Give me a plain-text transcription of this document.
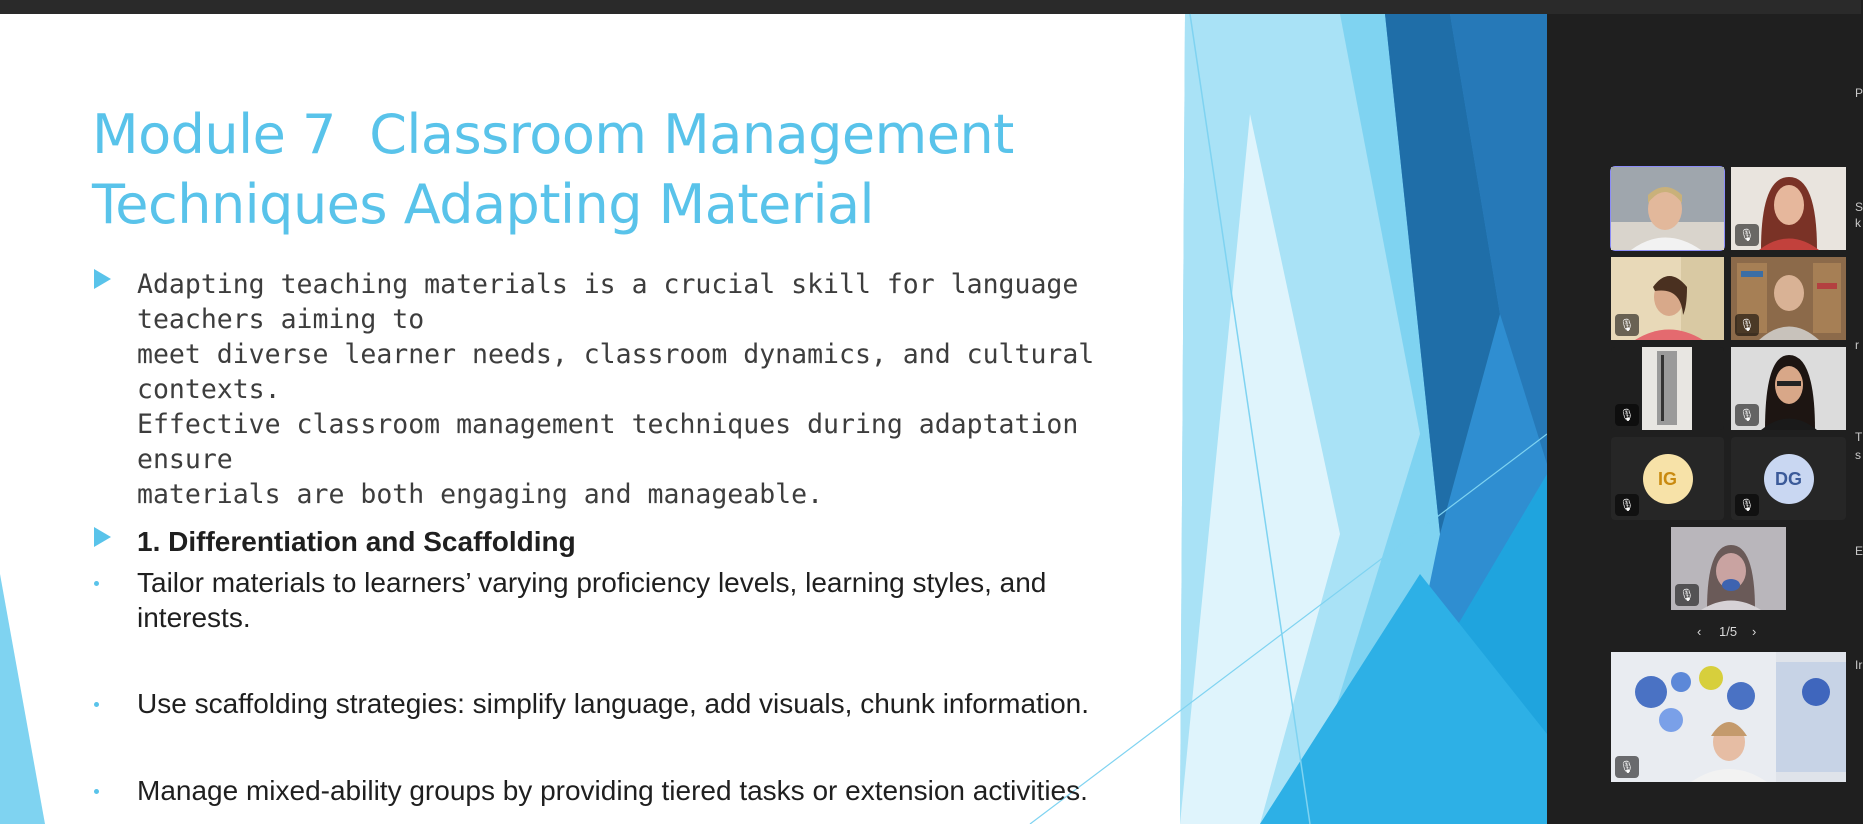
Module 7  Classroom Management
Techniques Adapting Material
Adapting teaching materials is a crucial skill for language teachers aiming to
meet diverse learner needs, classroom dynamics, and cultural contexts.
Effective classroom management techniques during adaptation ensure
materials are both engaging and manageable.
1. Differentiation and Scaffolding
Tailor materials to learners’ varying proficiency levels, learning styles, and
interests.
Use scaffolding strategies: simplify language, add visuals, chunk information.
Manage mixed-ability groups by providing tiered tasks or extension activities.
🎙
🎙	🎙
🎙	🎙
IG
🎙
DG
🎙
🎙
‹ 1/5 ›
🎙
P
S
k
r
T
s
E
Ir
